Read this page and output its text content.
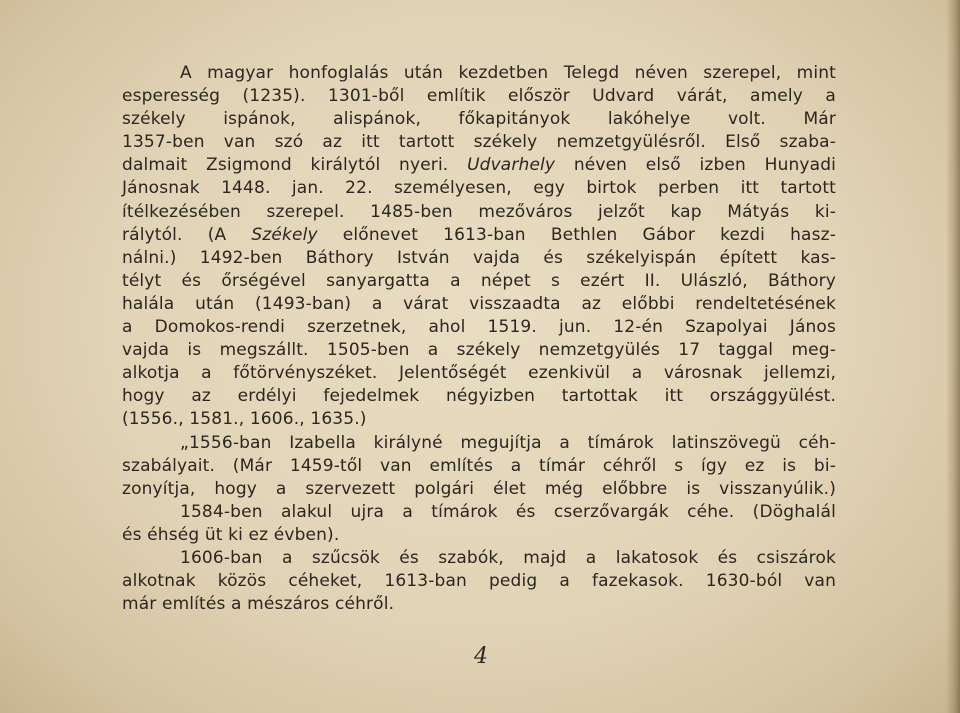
A magyar honfoglalás után kezdetben Telegd néven szerepel, mint
esperesség (1235). 1301-ből említik először Udvard várát, amely a
székely ispánok, alispánok, főkapitányok lakóhelye volt. Már
1357-ben van szó az itt tartott székely nemzetgyülésről. Első szaba-
dalmait Zsigmond királytól nyeri. Udvarhely néven első izben Hunyadi
Jánosnak 1448. jan. 22. személyesen, egy birtok perben itt tartott
ítélkezésében szerepel. 1485-ben mezőváros jelzőt kap Mátyás ki-
rálytól. (A Székely előnevet 1613-ban Bethlen Gábor kezdi hasz-
nálni.) 1492-ben Báthory István vajda és székelyispán épített kas-
télyt és őrségével sanyargatta a népet s ezért II. Ulászló, Báthory
halála után (1493-ban) a várat visszaadta az előbbi rendeltetésének
a Domokos-rendi szerzetnek, ahol 1519. jun. 12-én Szapolyai János
vajda is megszállt. 1505-ben a székely nemzetgyülés 17 taggal meg-
alkotja a főtörvényszéket. Jelentőségét ezenkivül a városnak jellemzi,
hogy az erdélyi fejedelmek négyizben tartottak itt országgyülést.
(1556., 1581., 1606., 1635.)
„1556-ban Izabella királyné megujítja a tímárok latinszövegü céh-
szabályait. (Már 1459-től van említés a tímár céhről s így ez is bi-
zonyítja, hogy a szervezett polgári élet még előbbre is visszanyúlik.)
1584-ben alakul ujra a tímárok és cserzővargák céhe. (Döghalál
és éhség üt ki ez évben).
1606-ban a szűcsök és szabók, majd a lakatosok és csiszárok
alkotnak közös céheket, 1613-ban pedig a fazekasok. 1630-ból van
már említés a mészáros céhről.
4
